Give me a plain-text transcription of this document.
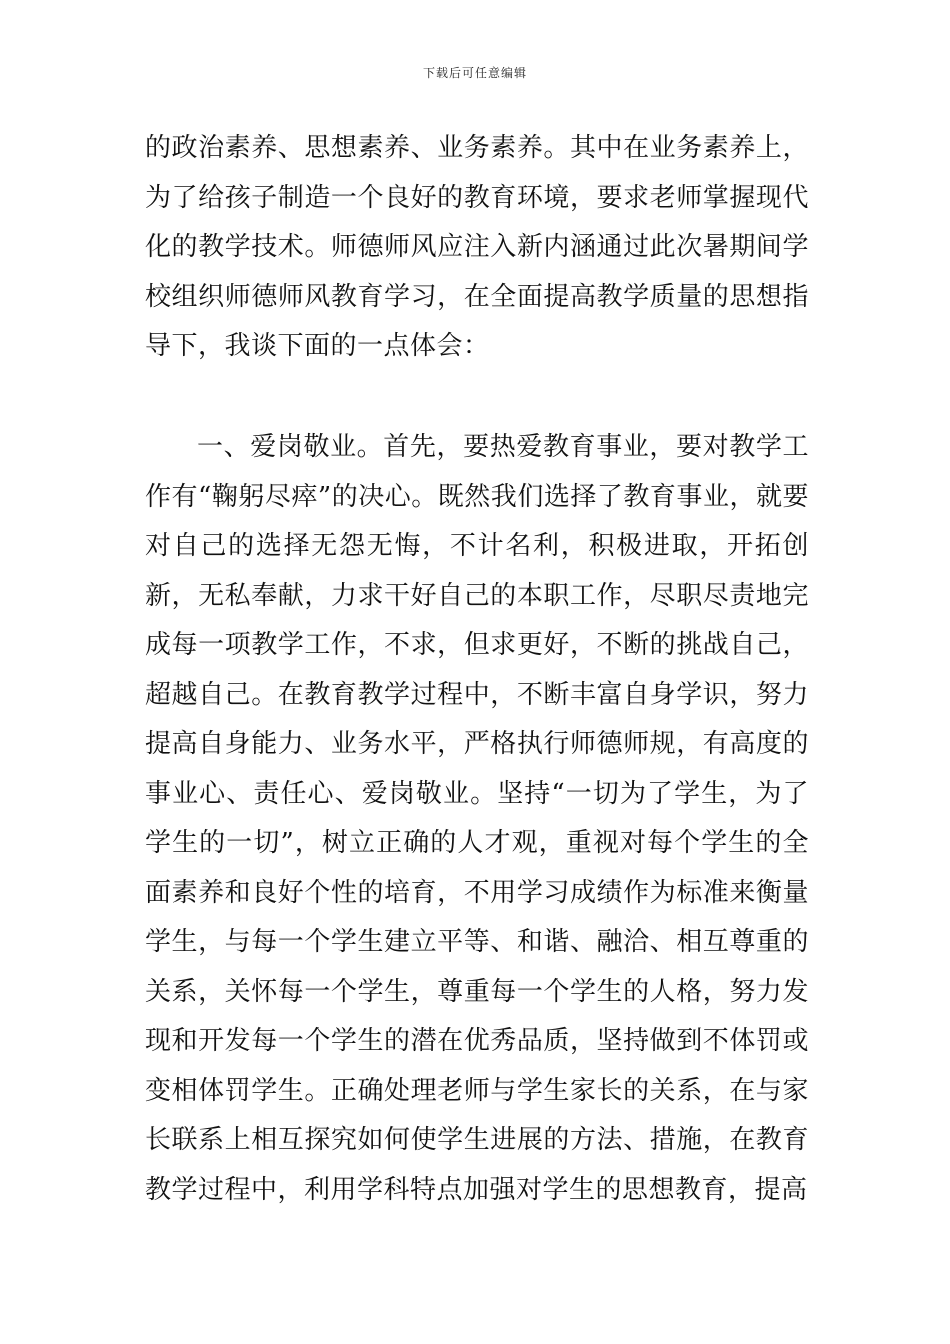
下载后可任意编辑

的政治素养、思想素养、业务素养。其中在业务素养上，为了给孩子制造一个良好的教育环境，要求老师掌握现代化的教学技术。师德师风应注入新内涵通过此次暑期间学校组织师德师风教育学习，在全面提高教学质量的思想指导下，我谈下面的一点体会：

一、爱岗敬业。首先，要热爱教育事业，要对教学工作有“鞠躬尽瘁”的决心。既然我们选择了教育事业，就要对自己的选择无怨无悔，不计名利，积极进取，开拓创新，无私奉献，力求干好自己的本职工作，尽职尽责地完成每一项教学工作，不求，但求更好，不断的挑战自己，超越自己。在教育教学过程中，不断丰富自身学识，努力提高自身能力、业务水平，严格执行师德师规，有高度的事业心、责任心、爱岗敬业。坚持“一切为了学生，为了学生的一切”，树立正确的人才观，重视对每个学生的全面素养和良好个性的培育，不用学习成绩作为标准来衡量学生，与每一个学生建立平等、和谐、融洽、相互尊重的关系，关怀每一个学生，尊重每一个学生的人格，努力发现和开发每一个学生的潜在优秀品质，坚持做到不体罚或变相体罚学生。正确处理老师与学生家长的关系，在与家长联系上相互探究如何使学生进展的方法、措施，在教育教学过程中，利用学科特点加强对学生的思想教育，提高
